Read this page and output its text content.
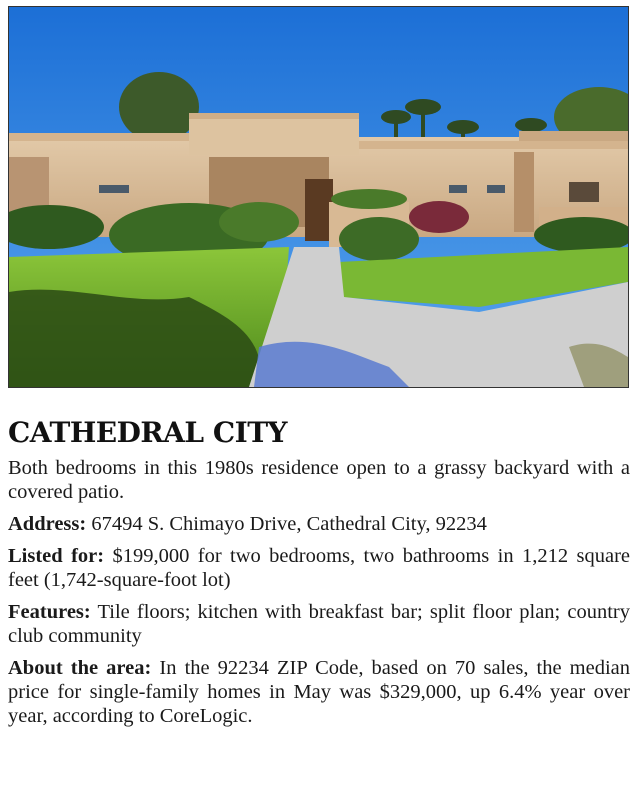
CATHEDRAL CITY

Both bedrooms in this 1980s residence open to a grassy backyard with a covered patio.

Address: 67494 S. Chimayo Drive, Cathedral City, 92234

Listed for: $199,000 for two bedrooms, two bathrooms in 1,212 square feet (1,742-square-foot lot)

Features: Tile floors; kitchen with breakfast bar; split floor plan; country club community

About the area: In the 92234 ZIP Code, based on 70 sales, the median price for single-family homes in May was $329,000, up 6.4% year over year, according to CoreLogic.
